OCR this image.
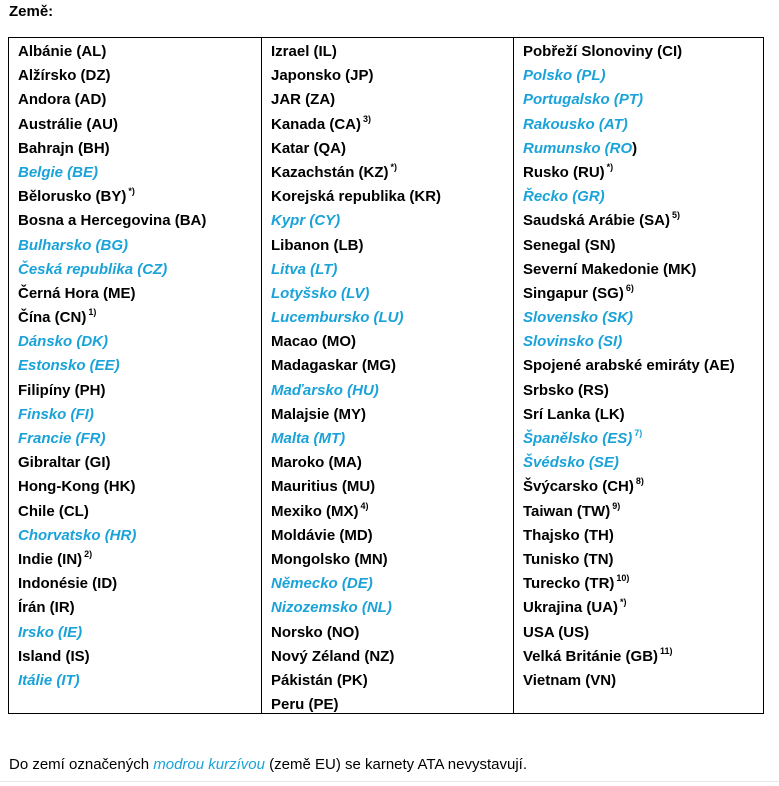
Země:
Albánie (AL)
Alžírsko (DZ)
Andora (AD)
Austrálie (AU)
Bahrajn (BH)
Belgie (BE)
Bělorusko (BY) *)
Bosna a Hercegovina (BA)
Bulharsko (BG)
Česká republika (CZ)
Černá Hora (ME)
Čína (CN) $^{1)}$
Dánsko (DK)
Estonsko (EE)
Filipíny (PH)
Finsko (FI)
Francie (FR)
Gibraltar (GI)
Hong-Kong (HK)
Chile (CL)
Chorvatsko (HR)
Indie (IN) $^{2)}$
Indonésie (ID)
Írán (IR)
Irsko (IE)
Island (IS)
Itálie (IT)
Izrael (IL)
Japonsko (JP)
JAR (ZA)
Kanada (CA) $^{3)}$
Katar (QA)
Kazachstán (KZ) *)
Korejská republika (KR)
Kypr (CY)
Libanon (LB)
Litva (LT)
Lotyšsko (LV)
Lucembursko (LU)
Macao (MO)
Madagaskar (MG)
Maďarsko (HU)
Malajsie (MY)
Malta (MT)
Maroko (MA)
Mauritius (MU)
Mexiko (MX) $^{4)}$
Moldávie (MD)
Mongolsko (MN)
Německo (DE)
Nizozemsko (NL)
Norsko (NO)
Nový Zéland (NZ)
Pákistán (PK)
Peru (PE)
Pobřeží Slonoviny (CI)
Polsko (PL)
Portugalsko (PT)
Rakousko (AT)
Rumunsko (RO)
Rusko (RU) *)
Řecko (GR)
Saudská Arábie (SA) $^{5)}$
Senegal (SN)
Severní Makedonie (MK)
Singapur (SG) $^{6)}$
Slovensko (SK)
Slovinsko (SI)
Spojené arabské emiráty (AE)
Srbsko (RS)
Srí Lanka (LK)
Španělsko (ES) $^{7)}$
Švédsko (SE)
Švýcarsko (CH) $^{8)}$
Taiwan (TW) $^{9)}$
Thajsko (TH)
Tunisko (TN)
Turecko (TR) $^{10)}$
Ukrajina (UA) *)
USA (US)
Velká Británie (GB) $^{11)}$
Vietnam (VN)
Do zemí označených modrou kurzívou (země EU) se karnety ATA nevystavují.
